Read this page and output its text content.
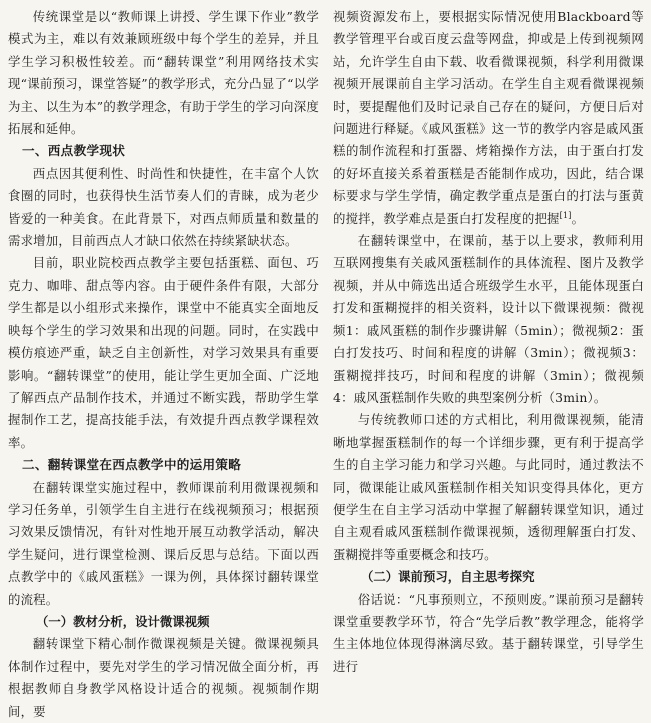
传统课堂是以“教师课上讲授、学生课下作业”教学模式为主，难以有效兼顾班级中每个学生的差异，并且学生学习积极性较差。而“翻转课堂”利用网络技术实现“课前预习，课堂答疑”的教学形式，充分凸显了“以学为主、以生为本”的教学理念，有助于学生的学习向深度拓展和延伸。

一、西点教学现状

西点因其便利性、时尚性和快捷性，在丰富个人饮食圈的同时，也获得快生活节奏人们的青睐，成为老少皆爱的一种美食。在此背景下，对西点师质量和数量的需求增加，目前西点人才缺口依然在持续紧缺状态。

目前，职业院校西点教学主要包括蛋糕、面包、巧克力、咖啡、甜点等内容。由于硬件条件有限，大部分学生都是以小组形式来操作，课堂中不能真实全面地反映每个学生的学习效果和出现的问题。同时，在实践中模仿痕迹严重，缺乏自主创新性，对学习效果具有重要影响。“翻转课堂”的使用，能让学生更加全面、广泛地了解西点产品制作技术，并通过不断实践，帮助学生掌握制作工艺，提高技能手法，有效提升西点教学课程效率。

二、翻转课堂在西点教学中的运用策略

在翻转课堂实施过程中，教师课前利用微课视频和学习任务单，引领学生自主进行在线视频预习；根据预习效果反馈情况，有针对性地开展互动教学活动，解决学生疑问，进行课堂检测、课后反思与总结。下面以西点教学中的《戚风蛋糕》一课为例，具体探讨翻转课堂的流程。

（一）教材分析，设计微课视频

翻转课堂下精心制作微课视频是关键。微课视频具体制作过程中，要先对学生的学习情况做全面分析，再根据教师自身教学风格设计适合的视频。视频制作期间，要

视频资源发布上，要根据实际情况使用Blackboard等教学管理平台或百度云盘等网盘，抑或是上传到视频网站，允许学生自由下载、收看微课视频，科学利用微课视频开展课前自主学习活动。在学生自主观看微课视频时，要提醒他们及时记录自己存在的疑问，方便日后对问题进行释疑。《戚风蛋糕》这一节的教学内容是戚风蛋糕的制作流程和打蛋器、烤箱操作方法，由于蛋白打发的好坏直接关系着蛋糕是否能制作成功，因此，结合课标要求与学生学情，确定教学重点是蛋白的打法与蛋黄的搅拌，教学难点是蛋白打发程度的把握[1]。

在翻转课堂中，在课前，基于以上要求，教师利用互联网搜集有关戚风蛋糕制作的具体流程、图片及教学视频，并从中筛选出适合班级学生水平，且能体现蛋白打发和蛋糊搅拌的相关资料，设计以下微课视频：微视频1：戚风蛋糕的制作步骤讲解（5min）；微视频2：蛋白打发技巧、时间和程度的讲解（3min）；微视频3：蛋糊搅拌技巧，时间和程度的讲解（3min）；微视频4：戚风蛋糕制作失败的典型案例分析（3min）。

与传统教师口述的方式相比，利用微课视频，能清晰地掌握蛋糕制作的每一个详细步骤，更有利于提高学生的自主学习能力和学习兴趣。与此同时，通过教法不同，微课能让戚风蛋糕制作相关知识变得具体化，更方便学生在自主学习活动中掌握了解翻转课堂知识，通过自主观看戚风蛋糕制作微课视频，透彻理解蛋白打发、蛋糊搅拌等重要概念和技巧。

（二）课前预习，自主思考探究

俗话说：“凡事预则立，不预则废。”课前预习是翻转课堂重要教学环节，符合“先学后教”教学理念，能将学生主体地位体现得淋漓尽致。基于翻转课堂，引导学生进行
